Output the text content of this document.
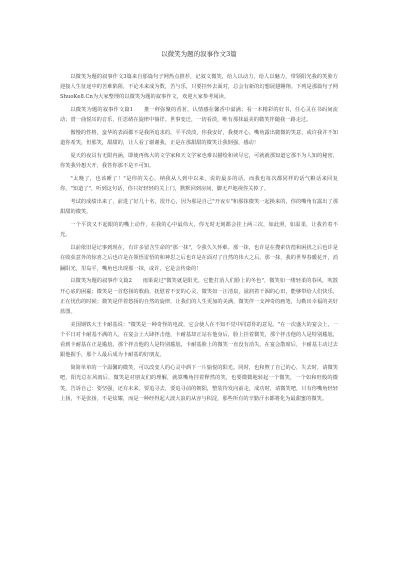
以微笑为题的叙事作文3篇

以微笑为题的叙事作文3篇来自那篇句子网热点推荐，记叙文微笑，给人以动力，给人以魅力，带领阳光我的笑脸方迎接人生征途中的苦难陷阻，不论未来成为数，苦与乐，只要挂怀去面对，总会有新的幻想展翅翱翔。下列是那篇句子网ShuoKe8.Cn为大家整理的以微笑为题的叙事作文，欢迎大家参考阅读。

以微笑为题的叙事作文篇1　　推一秤弥聚的香茗，认情感在馨香中溢满；看一本精彩的好书，任心灵在书码间流动；赏一曲悦耳的音乐，任思绪在旋律中徜徉。世事变迁，一切看淡，唯有那抹最美的微笑伴随我一路走过。

傲慢的性格，蛮华的表面都不是我所追求的。平平淡淡，你我安好，我便开心。嘴角露出微微的笑意，或许我并不知道你希笑，但那笑，甜甜的，让人看了谢谢我，正是在那甜甜的微笑让我倒强，感动！

夏天的夜具有无限内涵，即使再炼大的文学家和天文学家也难以描绘和读尽它，可就就那知道它那不为人知的秘密，你笑我异想天开，我答你那不是不可知。

"太晚了，也该睡了！"是你的关心，纳我从人到中以来，说的最多的话，而我也每次都同样的话气粮话来回复你，"知道了"，听到这句话，你只好轻轻的关上门，默默回到房间，脚无声地视你关掉了。

考试的成绩出来了，前进了好几十名，很开心，因为那是自己"开夜车"和那抹微笑一起换来的，你的嘴角有露出了那甜甜的微笑。

一个平淡又不起眼的的嘴上动作，在我的心中最伟大，你无时无刻都会挂上两三次，如此照，如温柔，让我若着不光。

以前依旧是记事到现在，有许多留含生命的"那一抹"，令我久久怀难。那一抹，也许是在搜索彷徨和困扰之后也许是在收获意外的惊喜之后也许是在领悟雷悟的和神思之后也许是在面对了自然的伟大之后。那一抹，我的世界春暖花开，消踊阳光，里岛平，嘴角也出现那一抹，或许，它是会传染的！

以微笑为题的叙事作文篇2　　雨果说过"微笑就是阳光，它能打消人们脸上的冬色"，微笑如一缕轻柔的春风，吹散开心底的困霾；微笑是一首悠扬的歌曲，抚慰着不安的心灵，微笑如一汪清泉，滋润着干涸的心田，能够带给人们快乐，正在忧伤的时候；微笑是伴着悠扬的自然的旋律，让我们的人生更加的美满，微笑伴一支神奇的画笔，勾勒出幸福的美好蓝图。

美国钢铁大王卡耐基说："微笑是一种奇怪的电波，它会使人在不知不觉中同意你的意见。"在一次盛大的宴会上，一个平日对卡耐基不满的人，在宴会上大肆抨击他，卡耐基却正站在他身后，脸上挂着微笑，那个抨击他的人是特别尴尬，看到卡耐基在正是尴尬，那个抨击他的人是特别尴尬，卡耐基脸上的微笑一直没有消失。在宴会散席后，卡耐基主动过去跟他握手，那个人最后成为卡耐基的好朋友。

简简单单的一个温馨的微笑，可以改变人的心灵中酒下一片愉悦的阳光。同时，也和煦了自己的心，失去时，请微笑吧，阳光总在风雨后，微笑是对朋友们的理解，就算嘴角挂着释然的笑，也要微微地转起一个微笑，一个如和旺般的微笑。告诉自己：要坚强，还有未来。要追寻去，要追寻前的朝阳，整装待发向前走，成功时，请微笑吧，只有你嘴角轻轻上扬，不是张扬，不是炫耀，而是一种经得起大波大浪的从容与积淀，那些所有的辛勤汗水都将化为最甜蜜的微笑。
